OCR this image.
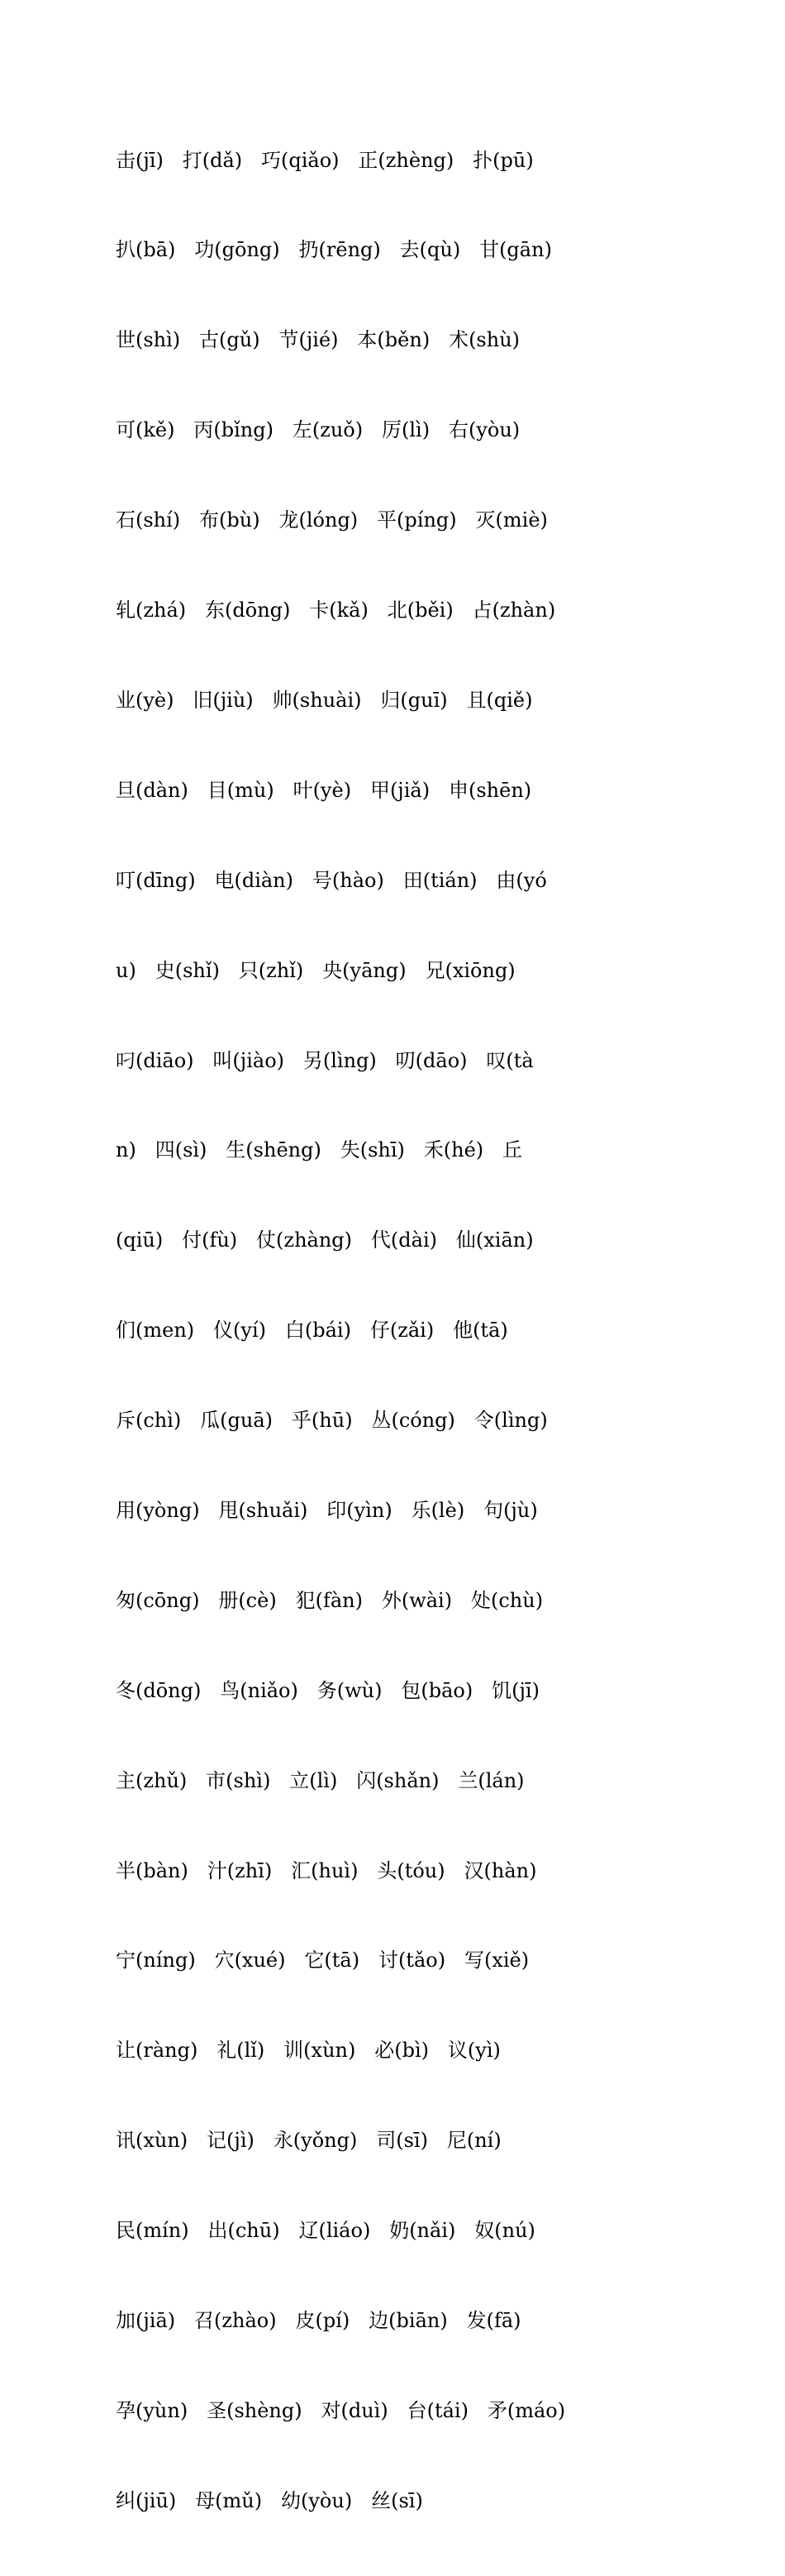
击(jī)   打(dǎ)   巧(qiǎo)   正(zhèng)   扑(pū)

扒(bā)   功(gōng)   扔(rēng)   去(qù)   甘(gān)

世(shì)   古(gǔ)   节(jié)   本(běn)   术(shù)

可(kě)   丙(bǐng)   左(zuǒ)   厉(lì)   右(yòu)

石(shí)   布(bù)   龙(lóng)   平(píng)   灭(miè)

轧(zhá)   东(dōng)   卡(kǎ)   北(běi)   占(zhàn)

业(yè)   旧(jiù)   帅(shuài)   归(guī)   且(qiě)

旦(dàn)   目(mù)   叶(yè)   甲(jiǎ)   申(shēn)

叮(dīng)   电(diàn)   号(hào)   田(tián)   由(yó

u)   史(shǐ)   只(zhǐ)   央(yāng)   兄(xiōng)

叼(diāo)   叫(jiào)   另(lìng)   叨(dāo)   叹(tà

n)   四(sì)   生(shēng)   失(shī)   禾(hé)   丘

(qiū)   付(fù)   仗(zhàng)   代(dài)   仙(xiān)

们(men)   仪(yí)   白(bái)   仔(zǎi)   他(tā)

斥(chì)   瓜(guā)   乎(hū)   丛(cóng)   令(lìng)

用(yòng)   甩(shuǎi)   印(yìn)   乐(lè)   句(jù)

匆(cōng)   册(cè)   犯(fàn)   外(wài)   处(chù)

冬(dōng)   鸟(niǎo)   务(wù)   包(bāo)   饥(jī)

主(zhǔ)   市(shì)   立(lì)   闪(shǎn)   兰(lán)

半(bàn)   汁(zhī)   汇(huì)   头(tóu)   汉(hàn)

宁(níng)   穴(xué)   它(tā)   讨(tǎo)   写(xiě)

让(ràng)   礼(lǐ)   训(xùn)   必(bì)   议(yì)

讯(xùn)   记(jì)   永(yǒng)   司(sī)   尼(ní)

民(mín)   出(chū)   辽(liáo)   奶(nǎi)   奴(nú)

加(jiā)   召(zhào)   皮(pí)   边(biān)   发(fā)

孕(yùn)   圣(shèng)   对(duì)   台(tái)   矛(máo)

纠(jiū)   母(mǔ)   幼(yòu)   丝(sī)
